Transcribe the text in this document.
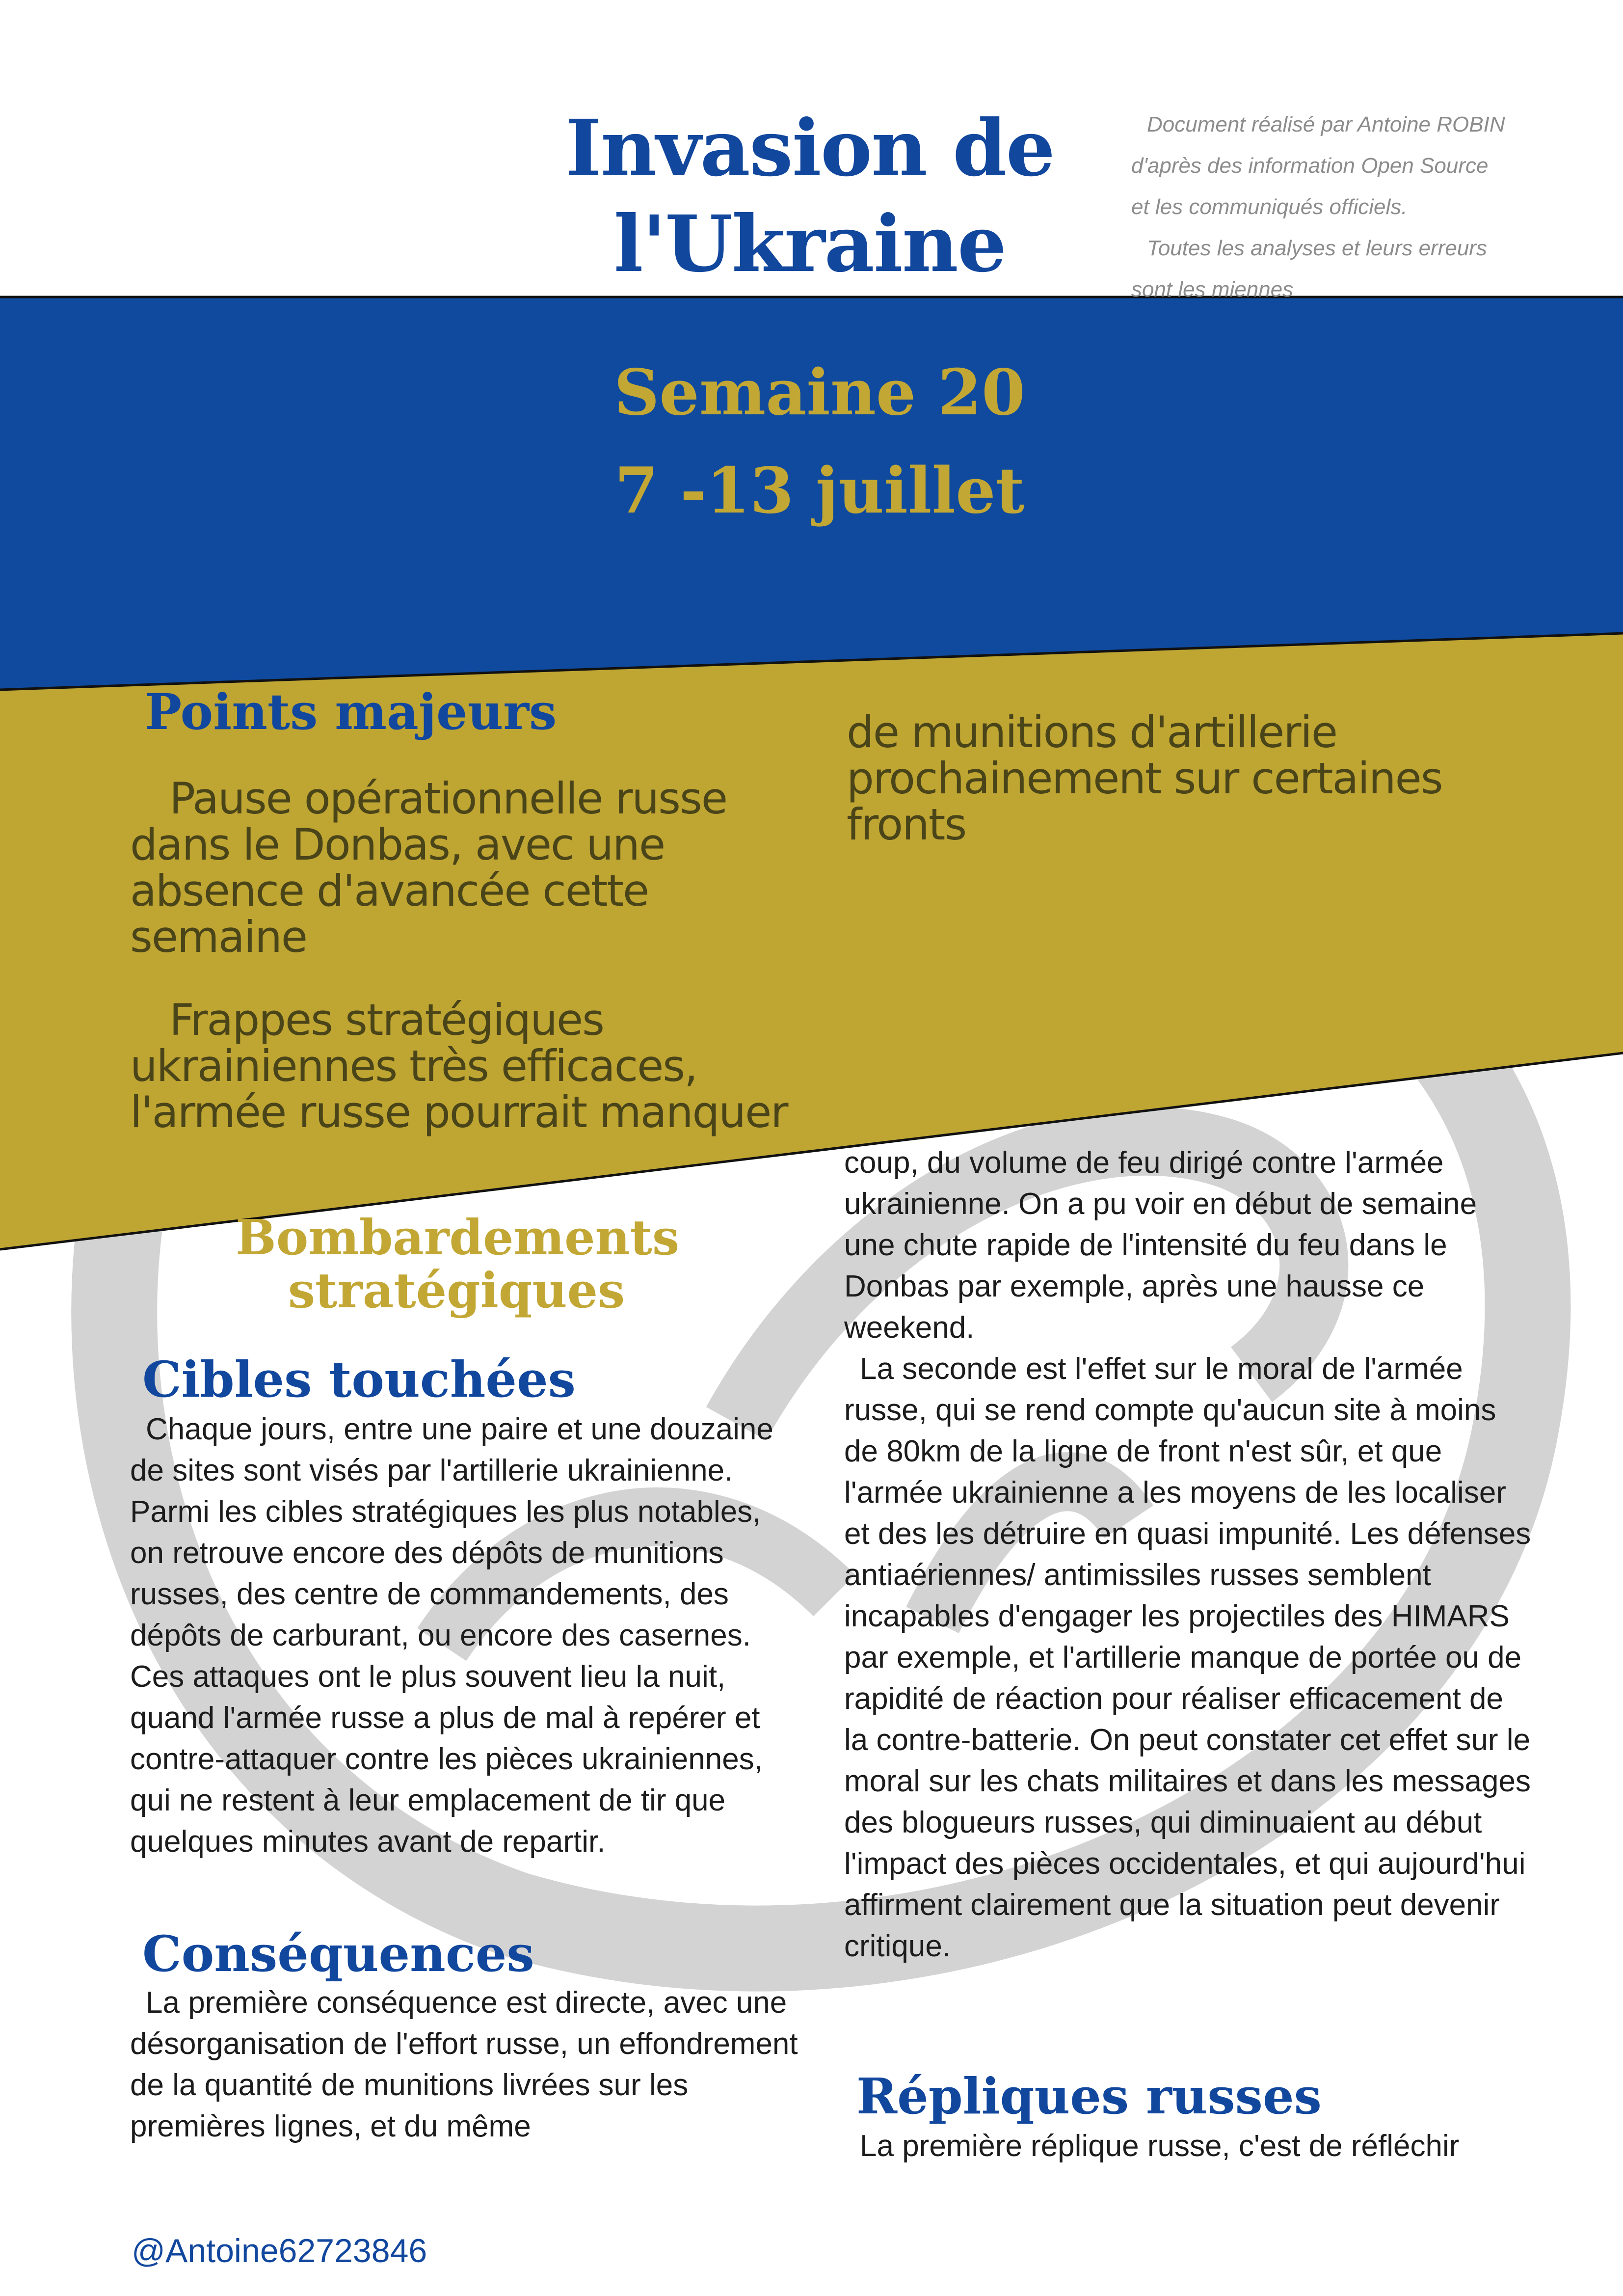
Invasion de
l'Ukraine
Document réalisé par Antoine ROBIN
d'après des information Open Source
et les communiqués officiels.
Toutes les analyses et leurs erreurs
sont les miennes
Semaine 20
7 -13 juillet
Points majeurs

Pause opérationnelle russe dans le Donbas, avec une absence d'avancée cette semaine

Frappes stratégiques ukrainiennes très efficaces, l'armée russe pourrait manquer

de munitions d'artillerie prochainement sur certaines fronts

Bombardements
stratégiques
Cibles touchées

Chaque jours, entre une paire et une douzaine de sites sont visés par l'artillerie ukrainienne. Parmi les cibles stratégiques les plus notables, on retrouve encore des dépôts de munitions russes, des centre de commandements, des dépôts de carburant, ou encore des casernes. Ces attaques ont le plus souvent lieu la nuit, quand l'armée russe a plus de mal à repérer et contre-attaquer contre les pièces ukrainiennes, qui ne restent à leur emplacement de tir que quelques minutes avant de repartir.

Conséquences

La première conséquence est directe, avec une désorganisation de l'effort russe, un effondrement de la quantité de munitions livrées sur les premières lignes, et du même

coup, du volume de feu dirigé contre l'armée ukrainienne. On a pu voir en début de semaine une chute rapide de l'intensité du feu dans le Donbas par exemple, après une hausse ce weekend.

La seconde est l'effet sur le moral de l'armée russe, qui se rend compte qu'aucun site à moins de 80km de la ligne de front n'est sûr, et que l'armée ukrainienne a les moyens de les localiser et des les détruire en quasi impunité. Les défenses antiaériennes/ antimissiles russes semblent incapables d'engager les projectiles des HIMARS par exemple, et l'artillerie manque de portée ou de rapidité de réaction pour réaliser efficacement de la contre-batterie. On peut constater cet effet sur le moral sur les chats militaires et dans les messages des blogueurs russes, qui diminuaient au début l'impact des pièces occidentales, et qui aujourd'hui affirment clairement que la situation peut devenir critique.

Répliques russes

La première réplique russe, c'est de réfléchir

@Antoine62723846
